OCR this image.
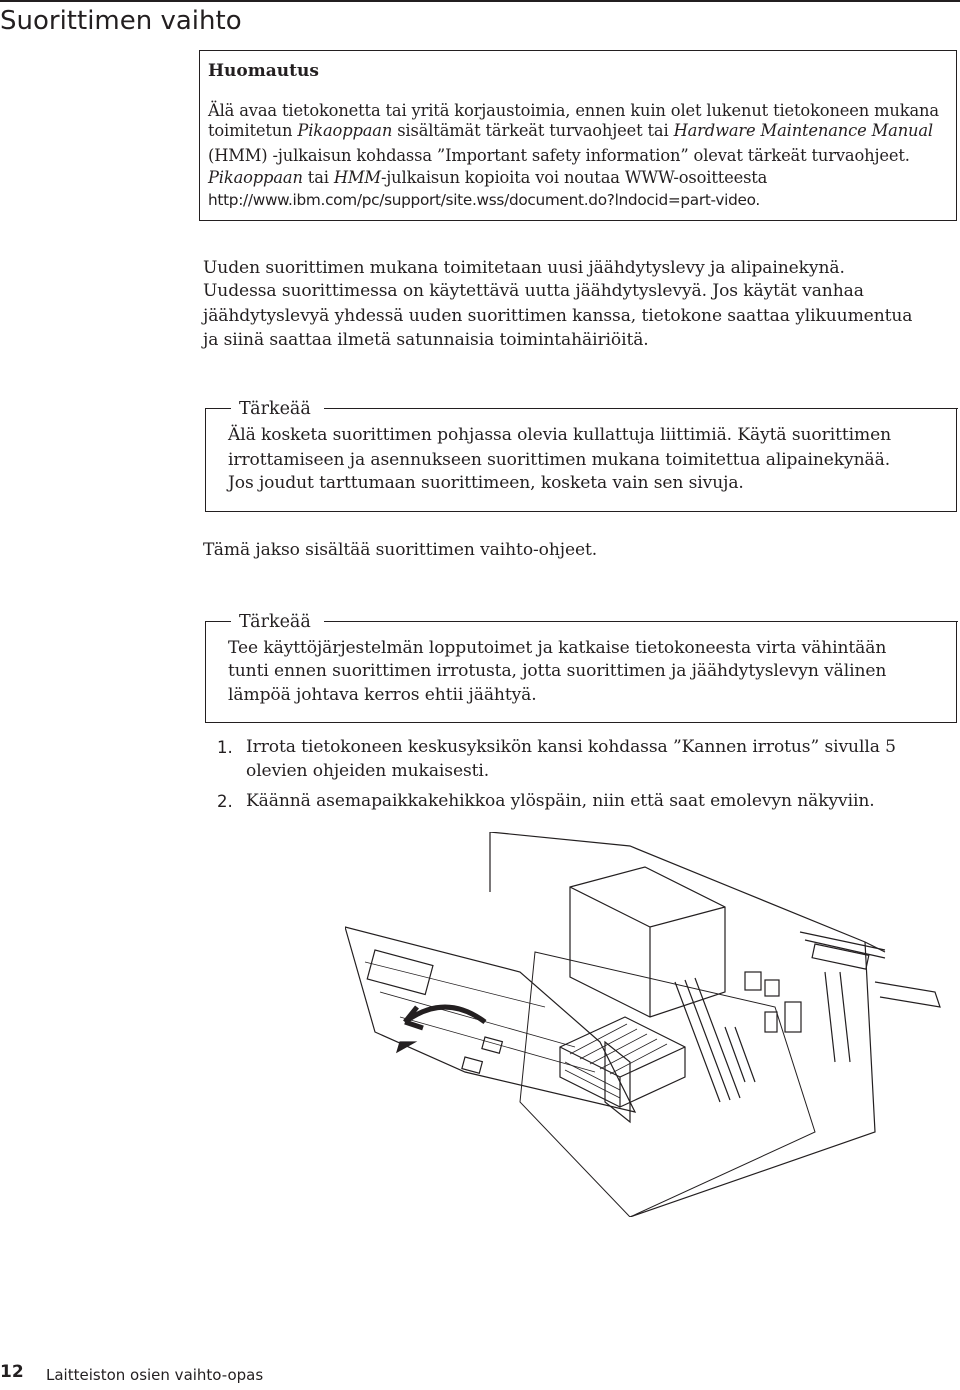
Suorittimen vaihto
Huomautus
Älä avaa tietokonetta tai yritä korjaustoimia, ennen kuin olet lukenut tietokoneen mukana
toimitetun Pikaoppaan sisältämät tärkeät turvaohjeet tai Hardware Maintenance Manual
(HMM) -julkaisun kohdassa ”Important safety information” olevat tärkeät turvaohjeet.
Pikaoppaan tai HMM-julkaisun kopioita voi noutaa WWW-osoitteesta
http://www.ibm.com/pc/support/site.wss/document.do?lndocid=part-video.
Uuden suorittimen mukana toimitetaan uusi jäähdytyslevy ja alipainekynä.
Uudessa suorittimessa on käytettävä uutta jäähdytyslevyä. Jos käytät vanhaa
jäähdytyslevyä yhdessä uuden suorittimen kanssa, tietokone saattaa ylikuumentua
ja siinä saattaa ilmetä satunnaisia toimintahäiriöitä.
Tärkeää
Älä kosketa suorittimen pohjassa olevia kullattuja liittimiä. Käytä suorittimen
irrottamiseen ja asennukseen suorittimen mukana toimitettua alipainekynää.
Jos joudut tarttumaan suorittimeen, kosketa vain sen sivuja.
Tämä jakso sisältää suorittimen vaihto-ohjeet.
Tärkeää
Tee käyttöjärjestelmän lopputoimet ja katkaise tietokoneesta virta vähintään
tunti ennen suorittimen irrotusta, jotta suorittimen ja jäähdytyslevyn välinen
lämpöä johtava kerros ehtii jäähtyä.
1. Irrota tietokoneen keskusyksikön kansi kohdassa ”Kannen irrotus” sivulla 5
olevien ohjeiden mukaisesti.
2. Käännä asemapaikkakehikkoa ylöspäin, niin että saat emolevyn näkyviin.
12 Laitteiston osien vaihto-opas
